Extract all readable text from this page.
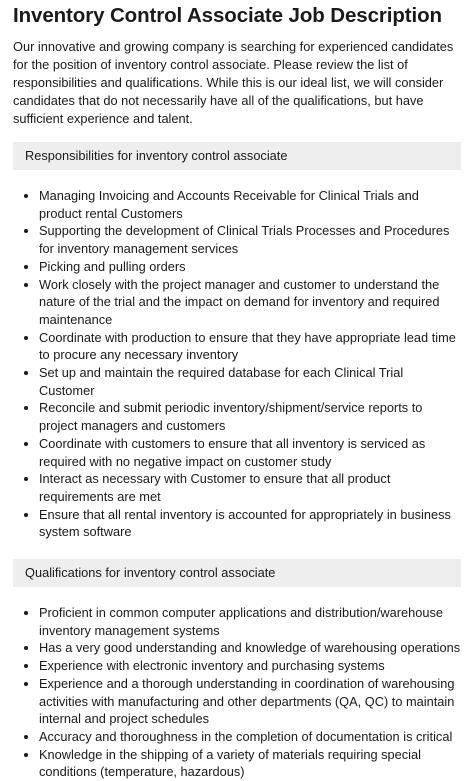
Inventory Control Associate Job Description

Our innovative and growing company is searching for experienced candidates for the position of inventory control associate. Please review the list of responsibilities and qualifications. While this is our ideal list, we will consider candidates that do not necessarily have all of the qualifications, but have sufficient experience and talent.

Responsibilities for inventory control associate
• Managing Invoicing and Accounts Receivable for Clinical Trials and product rental Customers
• Supporting the development of Clinical Trials Processes and Procedures for inventory management services
• Picking and pulling orders
• Work closely with the project manager and customer to understand the nature of the trial and the impact on demand for inventory and required maintenance
• Coordinate with production to ensure that they have appropriate lead time to procure any necessary inventory
• Set up and maintain the required database for each Clinical Trial Customer
• Reconcile and submit periodic inventory/shipment/service reports to project managers and customers
• Coordinate with customers to ensure that all inventory is serviced as required with no negative impact on customer study
• Interact as necessary with Customer to ensure that all product requirements are met
• Ensure that all rental inventory is accounted for appropriately in business system software
Qualifications for inventory control associate
• Proficient in common computer applications and distribution/warehouse inventory management systems
• Has a very good understanding and knowledge of warehousing operations
• Experience with electronic inventory and purchasing systems
• Experience and a thorough understanding in coordination of warehousing activities with manufacturing and other departments (QA, QC) to maintain internal and project schedules
• Accuracy and thoroughness in the completion of documentation is critical
• Knowledge in the shipping of a variety of materials requiring special conditions (temperature, hazardous)
